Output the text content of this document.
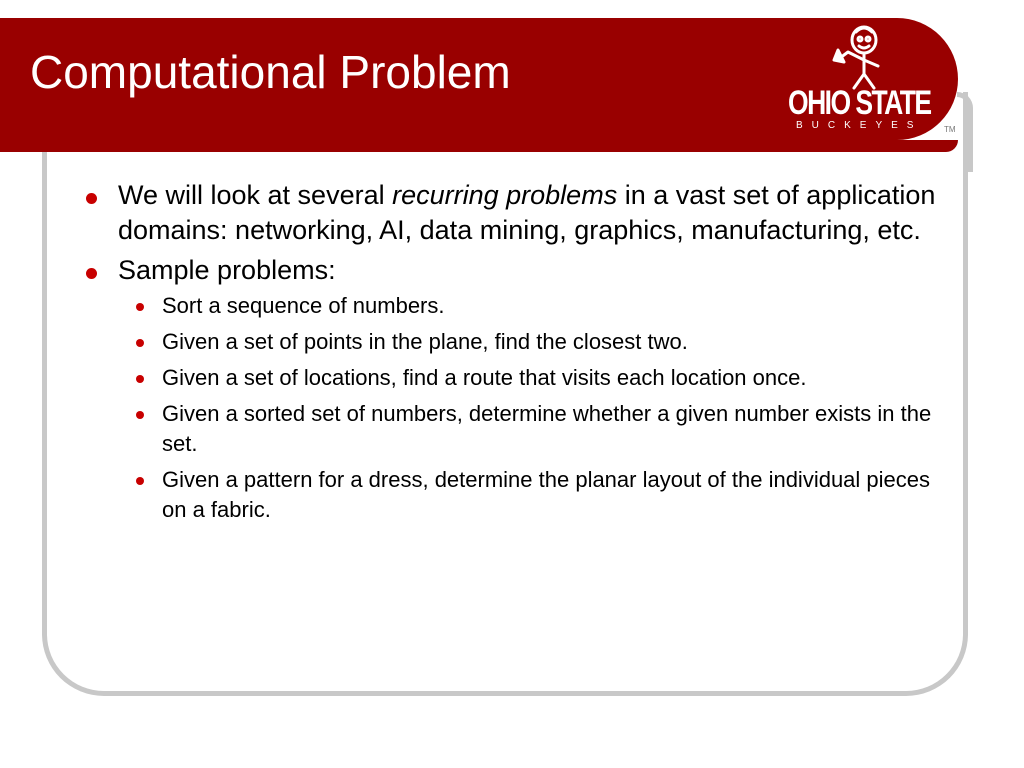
Computational Problem
OHIO STATE
BUCKEYES	TM
We will look at several recurring problems in a vast set of application domains: networking, AI, data mining, graphics, manufacturing, etc.
Sample problems:
Sort a sequence of numbers.
Given a set of points in the plane, find the closest two.
Given a set of locations, find a route that visits each location once.
Given a sorted set of numbers, determine whether a given number exists in the set.
Given a pattern for a dress, determine the planar layout of the individual pieces on a fabric.
